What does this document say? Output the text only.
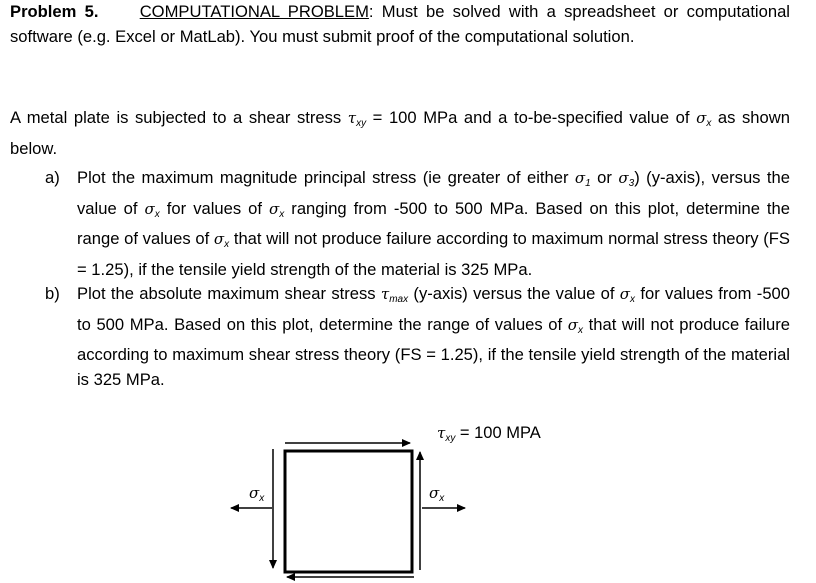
Problem 5. COMPUTATIONAL PROBLEM: Must be solved with a spreadsheet or computational software (e.g. Excel or MatLab). You must submit proof of the computational solution.

A metal plate is subjected to a shear stress $\tau_{xy} = 100$ MPa and a to-be-specified value of $\sigma_x$ as shown below.

a) Plot the maximum magnitude principal stress (ie greater of either $\sigma_1$ or $\sigma_3$) (y-axis), versus the value of $\sigma_x$ for values of $\sigma_x$ ranging from -500 to 500 MPa. Based on this plot, determine the range of values of $\sigma_x$ that will not produce failure according to maximum normal stress theory (FS = 1.25), if the tensile yield strength of the material is 325 MPa.
b) Plot the absolute maximum shear stress $\tau_{max}$ (y-axis) versus the value of $\sigma_x$ for values from -500 to 500 MPa. Based on this plot, determine the range of values of $\sigma_x$ that will not produce failure according to maximum shear stress theory (FS = 1.25), if the tensile yield strength of the material is 325 MPa.
$\tau_{xy} = 100$ MPA
$\sigma_x$	$\sigma_x$
